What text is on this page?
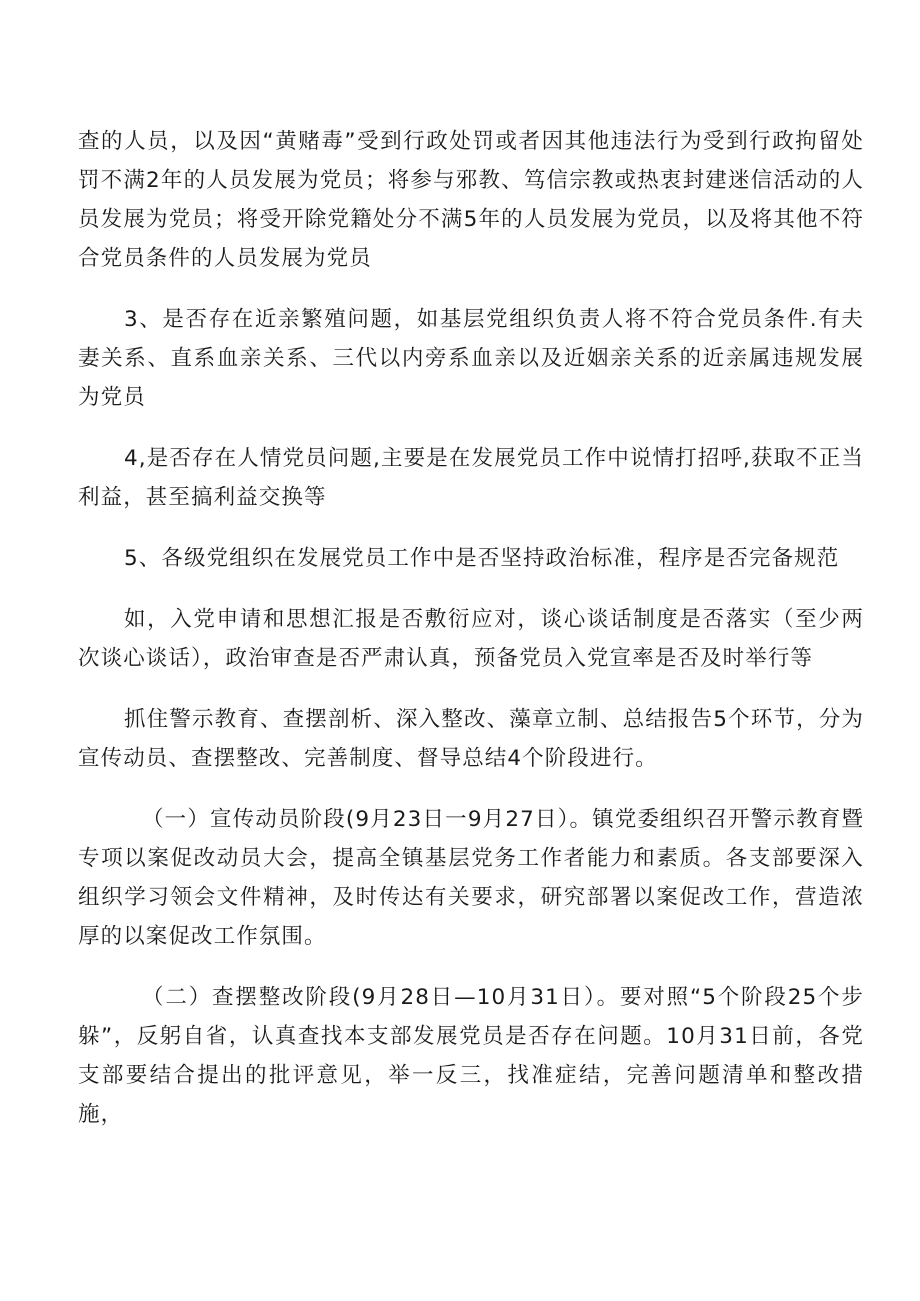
查的人员，以及因“黄赌毒”受到行政处罚或者因其他违法行为受到行政拘留处罚不满2年的人员发展为党员；将参与邪教、笃信宗教或热衷封建迷信活动的人员发展为党员；将受开除党籍处分不满5年的人员发展为党员，以及将其他不符合党员条件的人员发展为党员

3、是否存在近亲繁殖问题，如基层党组织负责人将不符合党员条件.有夫妻关系、直系血亲关系、三代以内旁系血亲以及近姻亲关系的近亲属违规发展为党员

4,是否存在人情党员问题,主要是在发展党员工作中说情打招呼,获取不正当利益，甚至搞利益交换等

5、各级党组织在发展党员工作中是否坚持政治标准，程序是否完备规范

如，入党申请和思想汇报是否敷衍应对，谈心谈话制度是否落实（至少两次谈心谈话），政治审查是否严肃认真，预备党员入党宣率是否及时举行等

抓住警示教育、查摆剖析、深入整改、藻章立制、总结报告5个环节，分为宣传动员、查摆整改、完善制度、督导总结4个阶段进行。

（一）宣传动员阶段(9月23日一9月27日）。镇党委组织召开警示教育暨专项以案促改动员大会，提高全镇基层党务工作者能力和素质。各支部要深入组织学习领会文件精神，及时传达有关要求，研究部署以案促改工作，营造浓厚的以案促改工作氛围。

（二）查摆整改阶段(9月28日—10月31日）。要对照“5个阶段25个步躲”，反躬自省，认真查找本支部发展党员是否存在问题。10月31日前，各党支部要结合提出的批评意见，举一反三，找准症结，完善问题清单和整改措施，
